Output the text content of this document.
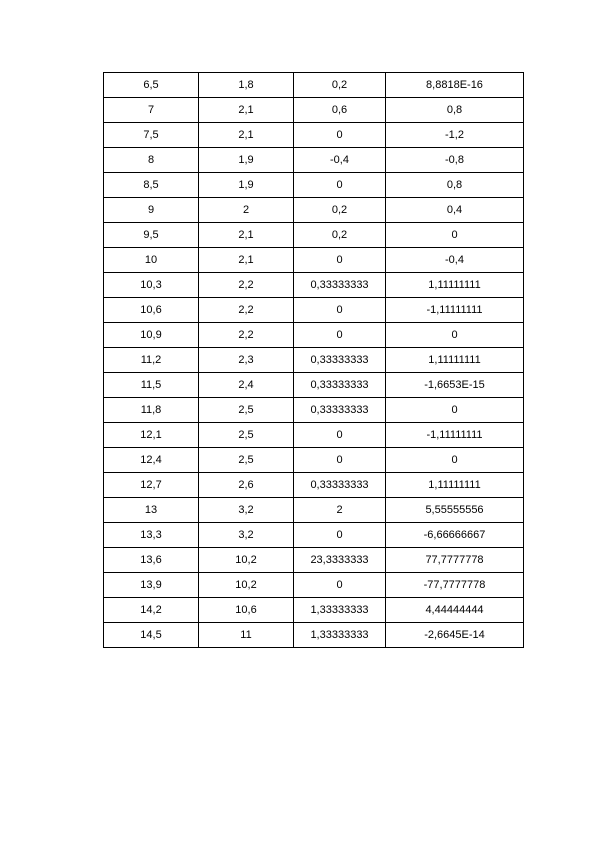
6,5	1,8	0,2	8,8818E-16
7	2,1	0,6	0,8
7,5	2,1	0	-1,2
8	1,9	-0,4	-0,8
8,5	1,9	0	0,8
9	2	0,2	0,4
9,5	2,1	0,2	0
10	2,1	0	-0,4
10,3	2,2	0,33333333	1,11111111
10,6	2,2	0	-1,11111111
10,9	2,2	0	0
11,2	2,3	0,33333333	1,11111111
11,5	2,4	0,33333333	-1,6653E-15
11,8	2,5	0,33333333	0
12,1	2,5	0	-1,11111111
12,4	2,5	0	0
12,7	2,6	0,33333333	1,11111111
13	3,2	2	5,55555556
13,3	3,2	0	-6,66666667
13,6	10,2	23,3333333	77,7777778
13,9	10,2	0	-77,7777778
14,2	10,6	1,33333333	4,44444444
14,5	11	1,33333333	-2,6645E-14
